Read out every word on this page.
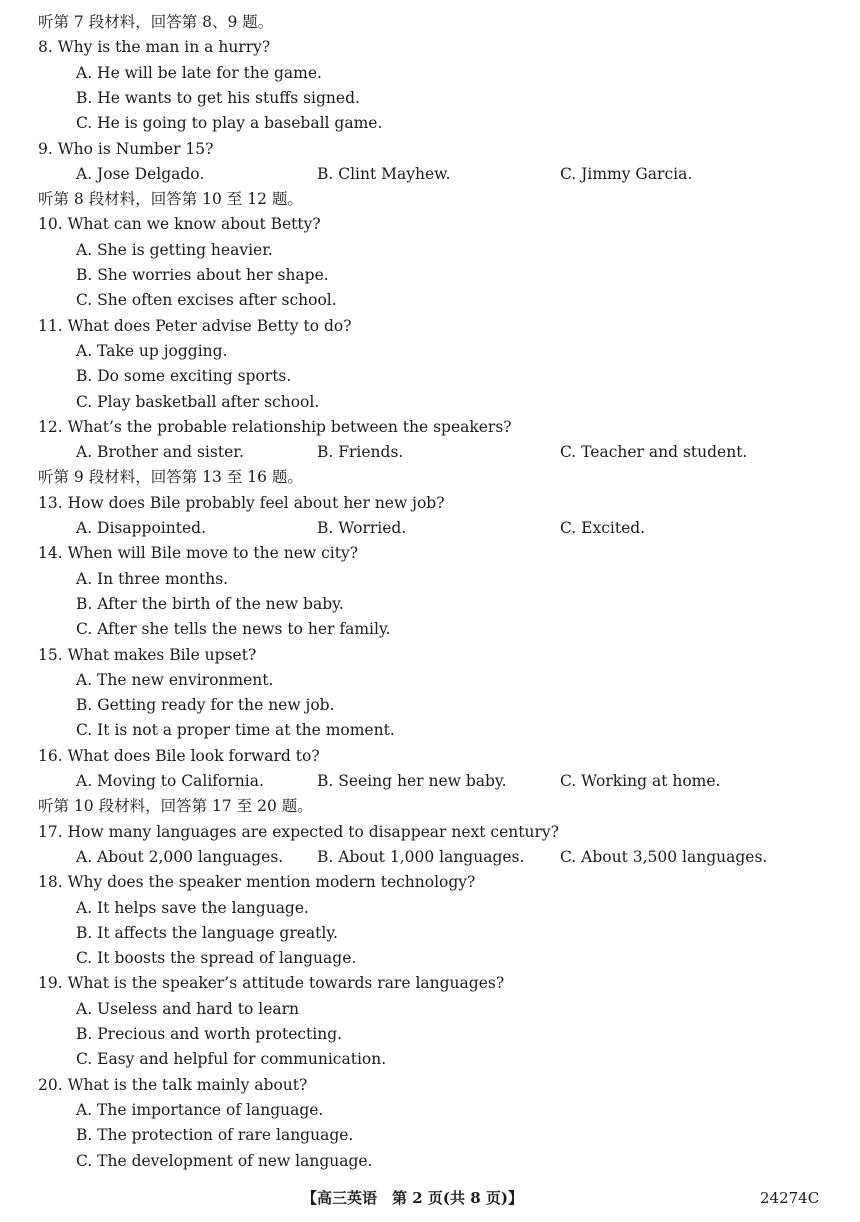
听第 7 段材料，回答第 8、9 题。
8. Why is the man in a hurry?
A. He will be late for the game.
B. He wants to get his stuffs signed.
C. He is going to play a baseball game.
9. Who is Number 15?
A. Jose Delgado.	B. Clint Mayhew.	C. Jimmy Garcia.
听第 8 段材料，回答第 10 至 12 题。
10. What can we know about Betty?
A. She is getting heavier.
B. She worries about her shape.
C. She often excises after school.
11. What does Peter advise Betty to do?
A. Take up jogging.
B. Do some exciting sports.
C. Play basketball after school.
12. What’s the probable relationship between the speakers?
A. Brother and sister.	B. Friends.	C. Teacher and student.
听第 9 段材料，回答第 13 至 16 题。
13. How does Bile probably feel about her new job?
A. Disappointed.	B. Worried.	C. Excited.
14. When will Bile move to the new city?
A. In three months.
B. After the birth of the new baby.
C. After she tells the news to her family.
15. What makes Bile upset?
A. The new environment.
B. Getting ready for the new job.
C. It is not a proper time at the moment.
16. What does Bile look forward to?
A. Moving to California.	B. Seeing her new baby.	C. Working at home.
听第 10 段材料，回答第 17 至 20 题。
17. How many languages are expected to disappear next century?
A. About 2,000 languages. B. About 1,000 languages. C. About 3,500 languages.
18. Why does the speaker mention modern technology?
A. It helps save the language.
B. It affects the language greatly.
C. It boosts the spread of language.
19. What is the speaker’s attitude towards rare languages?
A. Useless and hard to learn
B. Precious and worth protecting.
C. Easy and helpful for communication.
20. What is the talk mainly about?
A. The importance of language.
B. The protection of rare language.
C. The development of new language.
【高三英语　第 2 页(共 8 页)】	24274C
